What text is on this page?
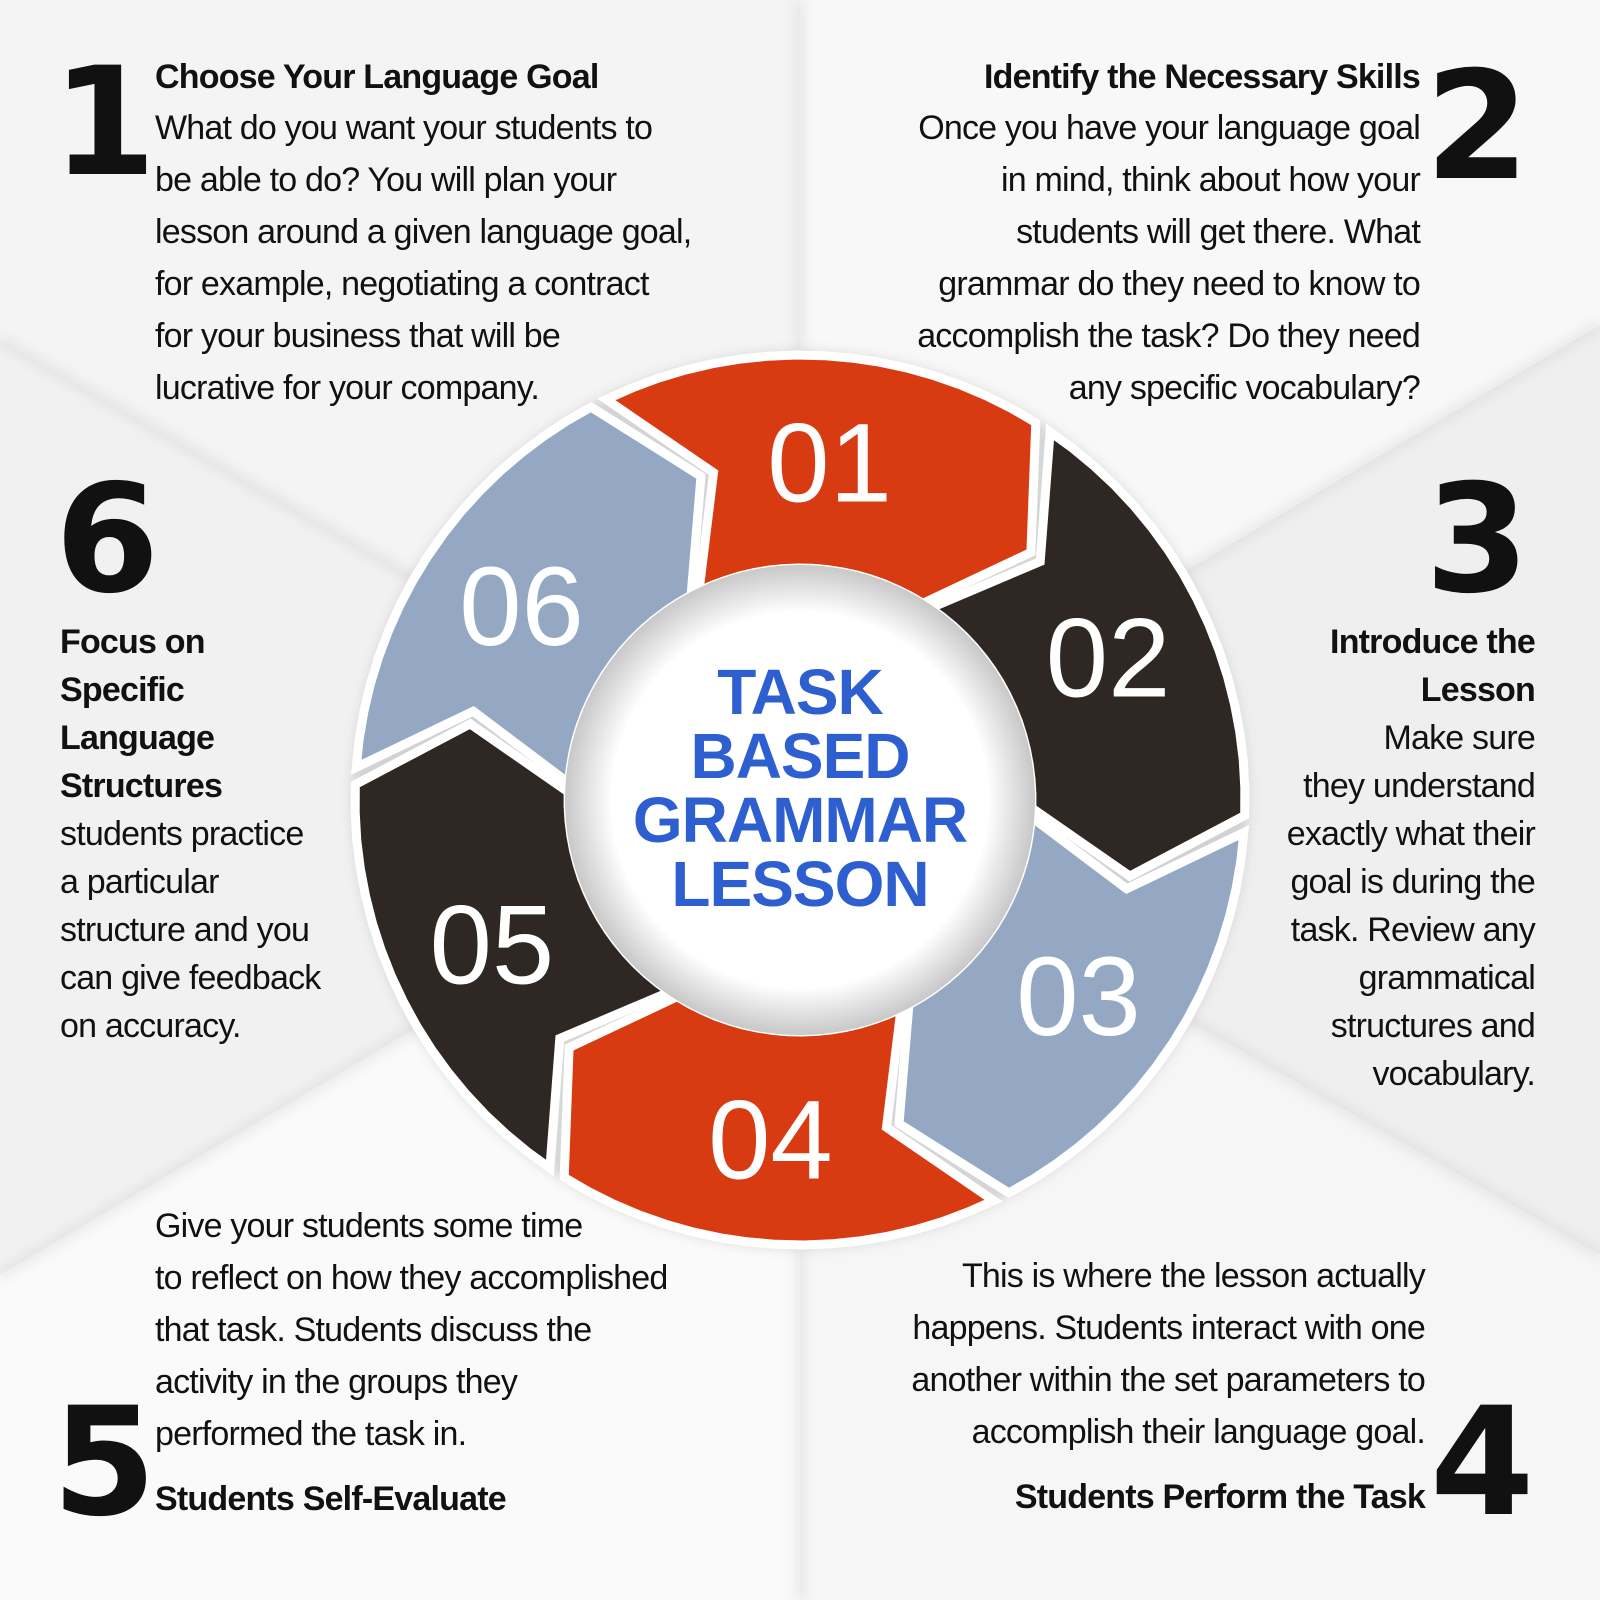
01
02
03
04
05
06
TASK
BASED
GRAMMAR
LESSON
1
Choose Your Language Goal
What do you want your students to
be able to do? You will plan your
lesson around a given language goal,
for example, negotiating a contract
for your business that will be
lucrative for your company.
2
Identify the Necessary Skills
Once you have your language goal
in mind, think about how your
students will get there. What
grammar do they need to know to
accomplish the task? Do they need
any specific vocabulary?
3
Introduce the
Lesson
Make sure
they understand
exactly what their
goal is during the
task. Review any
grammatical
structures and
vocabulary.
This is where the lesson actually
happens. Students interact with one
another within the set parameters to
accomplish their language goal.
Students Perform the Task 4
Give your students some time
to reflect on how they accomplished
that task. Students discuss the
activity in the groups they
performed the task in.
Students Self-Evaluate
5
6
Focus on
Specific
Language
Structures
students practice
a particular
structure and you
can give feedback
on accuracy.
